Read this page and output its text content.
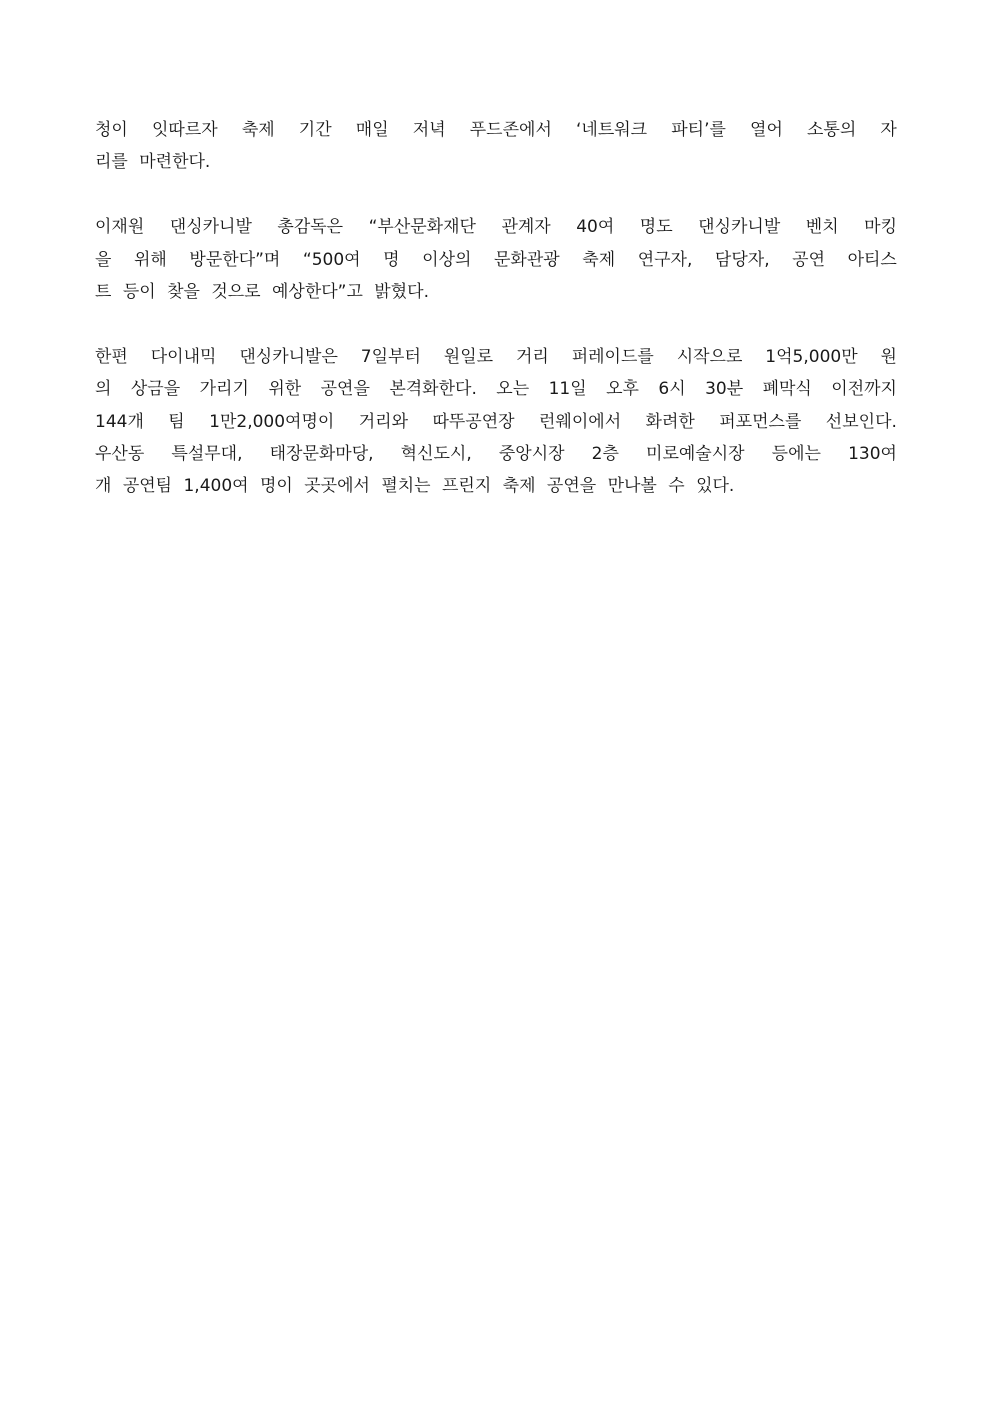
청이 잇따르자 축제 기간 매일 저녁 푸드존에서 ‘네트워크 파티’를 열어 소통의 자
리를 마련한다.
이재원 댄싱카니발 총감독은 “부산문화재단 관계자 40여 명도 댄싱카니발 벤치 마킹
을 위해 방문한다”며 “500여 명 이상의 문화관광 축제 연구자, 담당자, 공연 아티스
트 등이 찾을 것으로 예상한다”고 밝혔다.
한편 다이내믹 댄싱카니발은 7일부터 원일로 거리 퍼레이드를 시작으로 1억5,000만 원
의 상금을 가리기 위한 공연을 본격화한다. 오는 11일 오후 6시 30분 폐막식 이전까지
144개 팀 1만2,000여명이 거리와 따뚜공연장 런웨이에서 화려한 퍼포먼스를 선보인다.
우산동 특설무대, 태장문화마당, 혁신도시, 중앙시장 2층 미로예술시장 등에는 130여
개 공연팀 1,400여 명이 곳곳에서 펼치는 프린지 축제 공연을 만나볼 수 있다.
